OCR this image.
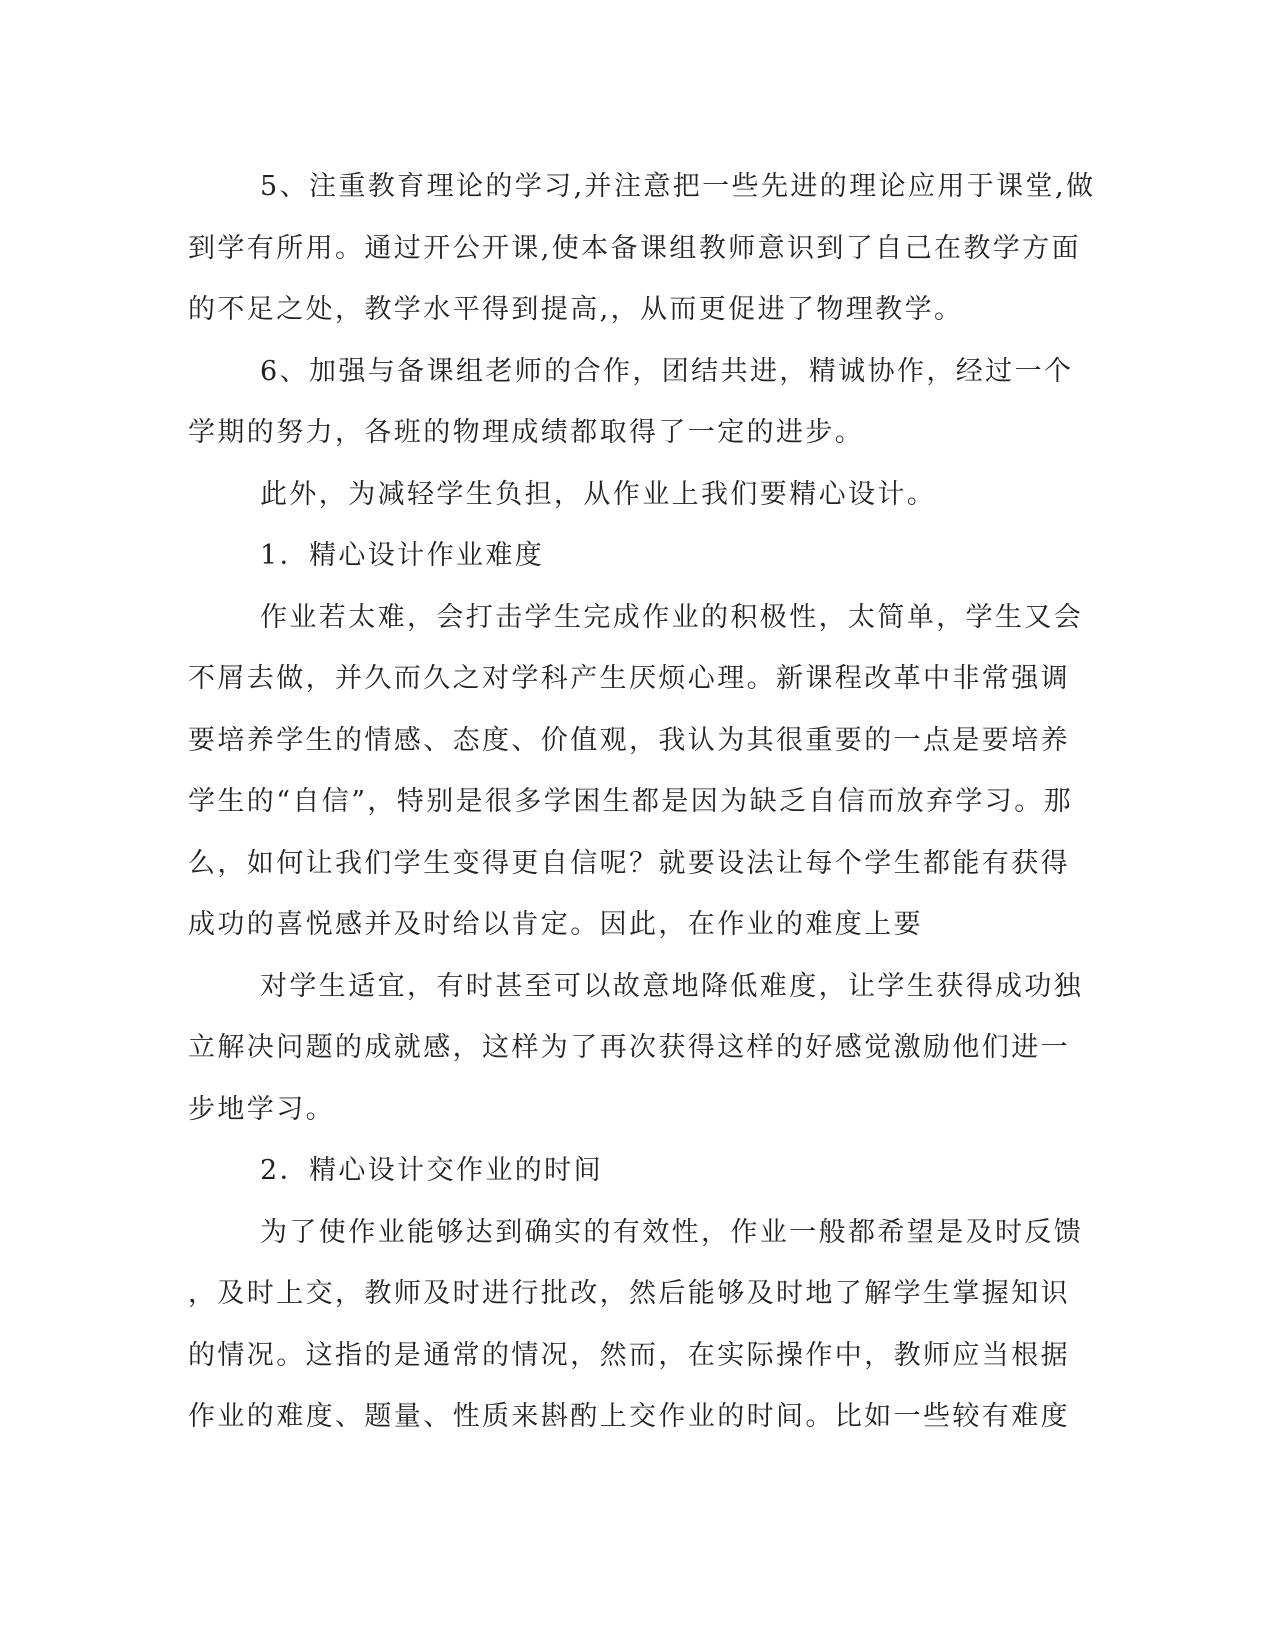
5、注重教育理论的学习,并注意把一些先进的理论应用于课堂,做
到学有所用。通过开公开课,使本备课组教师意识到了自己在教学方面
的不足之处，教学水平得到提高,，从而更促进了物理教学。
6、加强与备课组老师的合作，团结共进，精诚协作，经过一个
学期的努力，各班的物理成绩都取得了一定的进步。
此外，为减轻学生负担，从作业上我们要精心设计。
1．精心设计作业难度
作业若太难，会打击学生完成作业的积极性，太简单，学生又会
不屑去做，并久而久之对学科产生厌烦心理。新课程改革中非常强调
要培养学生的情感、态度、价值观，我认为其很重要的一点是要培养
学生的“自信”，特别是很多学困生都是因为缺乏自信而放弃学习。那
么，如何让我们学生变得更自信呢？就要设法让每个学生都能有获得
成功的喜悦感并及时给以肯定。因此，在作业的难度上要
对学生适宜，有时甚至可以故意地降低难度，让学生获得成功独
立解决问题的成就感，这样为了再次获得这样的好感觉激励他们进一
步地学习。
2．精心设计交作业的时间
为了使作业能够达到确实的有效性，作业一般都希望是及时反馈
，及时上交，教师及时进行批改，然后能够及时地了解学生掌握知识
的情况。这指的是通常的情况，然而，在实际操作中，教师应当根据
作业的难度、题量、性质来斟酌上交作业的时间。比如一些较有难度
